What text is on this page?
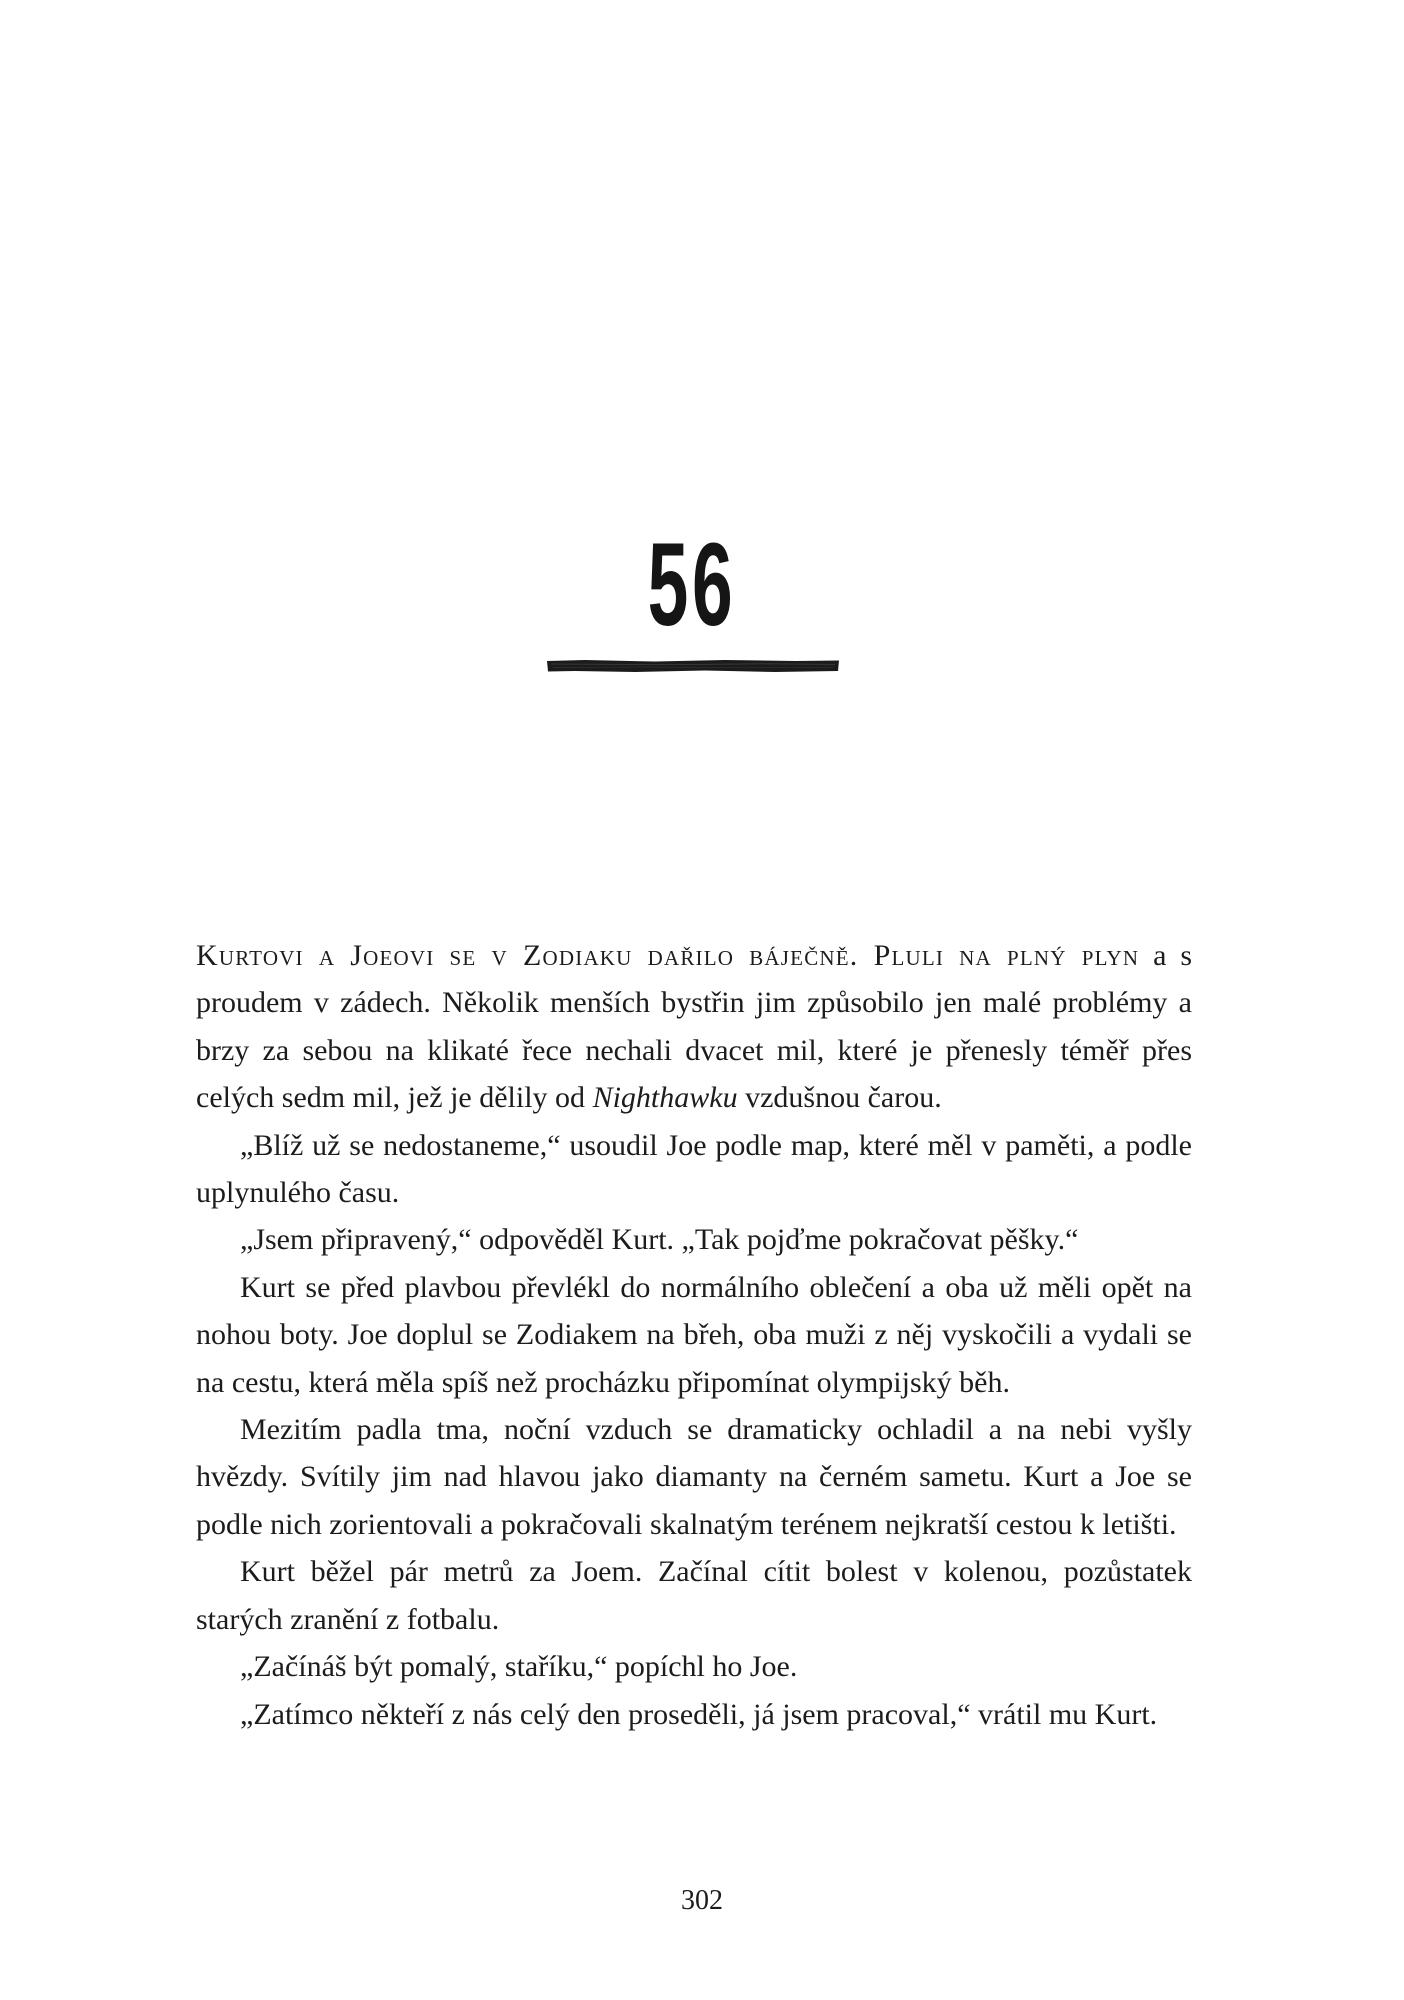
56

Kurtovi a Joeovi se v Zodiaku dařilo báječně. Pluli na plný plyn a s proudem v zádech. Několik menších bystřin jim způsobilo jen malé problémy a brzy za sebou na klikaté řece nechali dvacet mil, které je přenesly téměř přes celých sedm mil, jež je dělily od Nighthawku vzdušnou čarou.

„Blíž už se nedostaneme,“ usoudil Joe podle map, které měl v paměti, a podle uplynulého času.

„Jsem připravený,“ odpověděl Kurt. „Tak pojďme pokračovat pěšky.“

Kurt se před plavbou převlékl do normálního oblečení a oba už měli opět na nohou boty. Joe doplul se Zodiakem na břeh, oba muži z něj vyskočili a vydali se na cestu, která měla spíš než procházku připomínat olympijský běh.

Mezitím padla tma, noční vzduch se dramaticky ochladil a na nebi vyšly hvězdy. Svítily jim nad hlavou jako diamanty na černém sametu. Kurt a Joe se podle nich zorientovali a pokračovali skalnatým terénem nejkratší cestou k letišti.

Kurt běžel pár metrů za Joem. Začínal cítit bolest v kolenou, pozůstatek starých zranění z fotbalu.

„Začínáš být pomalý, staříku,“ popíchl ho Joe.

„Zatímco někteří z nás celý den proseděli, já jsem pracoval,“ vrátil mu Kurt.

302
